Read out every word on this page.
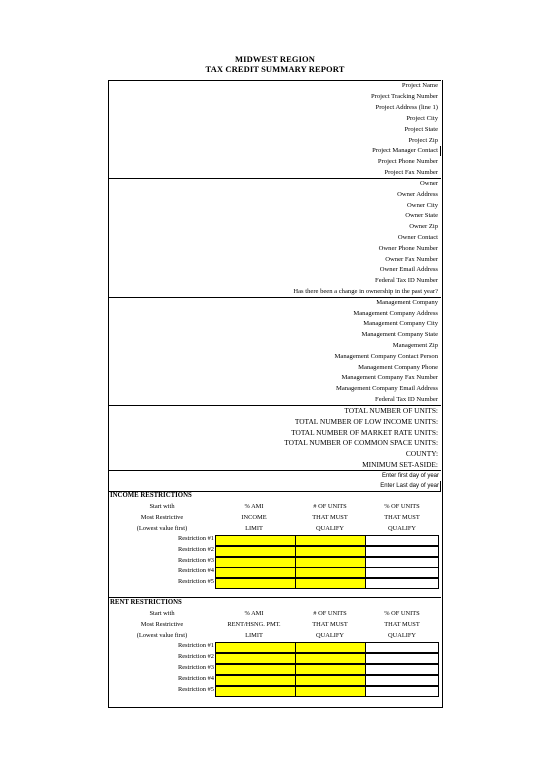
MIDWEST REGION
TAX CREDIT SUMMARY REPORT
Project Name
Project Tracking Number
Project Address (line 1)
Project City
Project State
Project Zip
Project Manager Contact
Project Phone Number
Project Fax Number
Owner
Owner Address
Owner City
Owner State
Owner Zip
Owner Contact
Owner Phone Number
Owner Fax Number
Owner Email Address
Federal Tax ID Number
Has there been a change in ownership in the past year?
Management Company
Management Company Address
Management Company City
Management Company State
Management Zip
Management Company Contact Person
Management Company Phone
Management Company Fax Number
Management Company Email Address
Federal Tax ID Number
TOTAL NUMBER OF UNITS:
TOTAL NUMBER OF LOW INCOME UNITS:
TOTAL NUMBER OF MARKET RATE UNITS:
TOTAL NUMBER OF COMMON SPACE UNITS:
COUNTY:
MINIMUM SET-ASIDE:
Enter first day of year
Enter Last day of year
INCOME RESTRICTIONS
Start with
Most Restrictive
(Lowest value first)
% AMI
INCOME
LIMIT
# OF UNITS
THAT MUST
QUALIFY
% OF UNITS
THAT MUST
QUALIFY
Restriction #1
Restriction #2
Restriction #3
Restriction #4
Restriction #5
RENT RESTRICTIONS
Start with
Most Restrictive
(Lowest value first)
% AMI
RENT/HSNG. PMT.
LIMIT
# OF UNITS
THAT MUST
QUALIFY
% OF UNITS
THAT MUST
QUALIFY
Restriction #1
Restriction #2
Restriction #3
Restriction #4
Restriction #5
